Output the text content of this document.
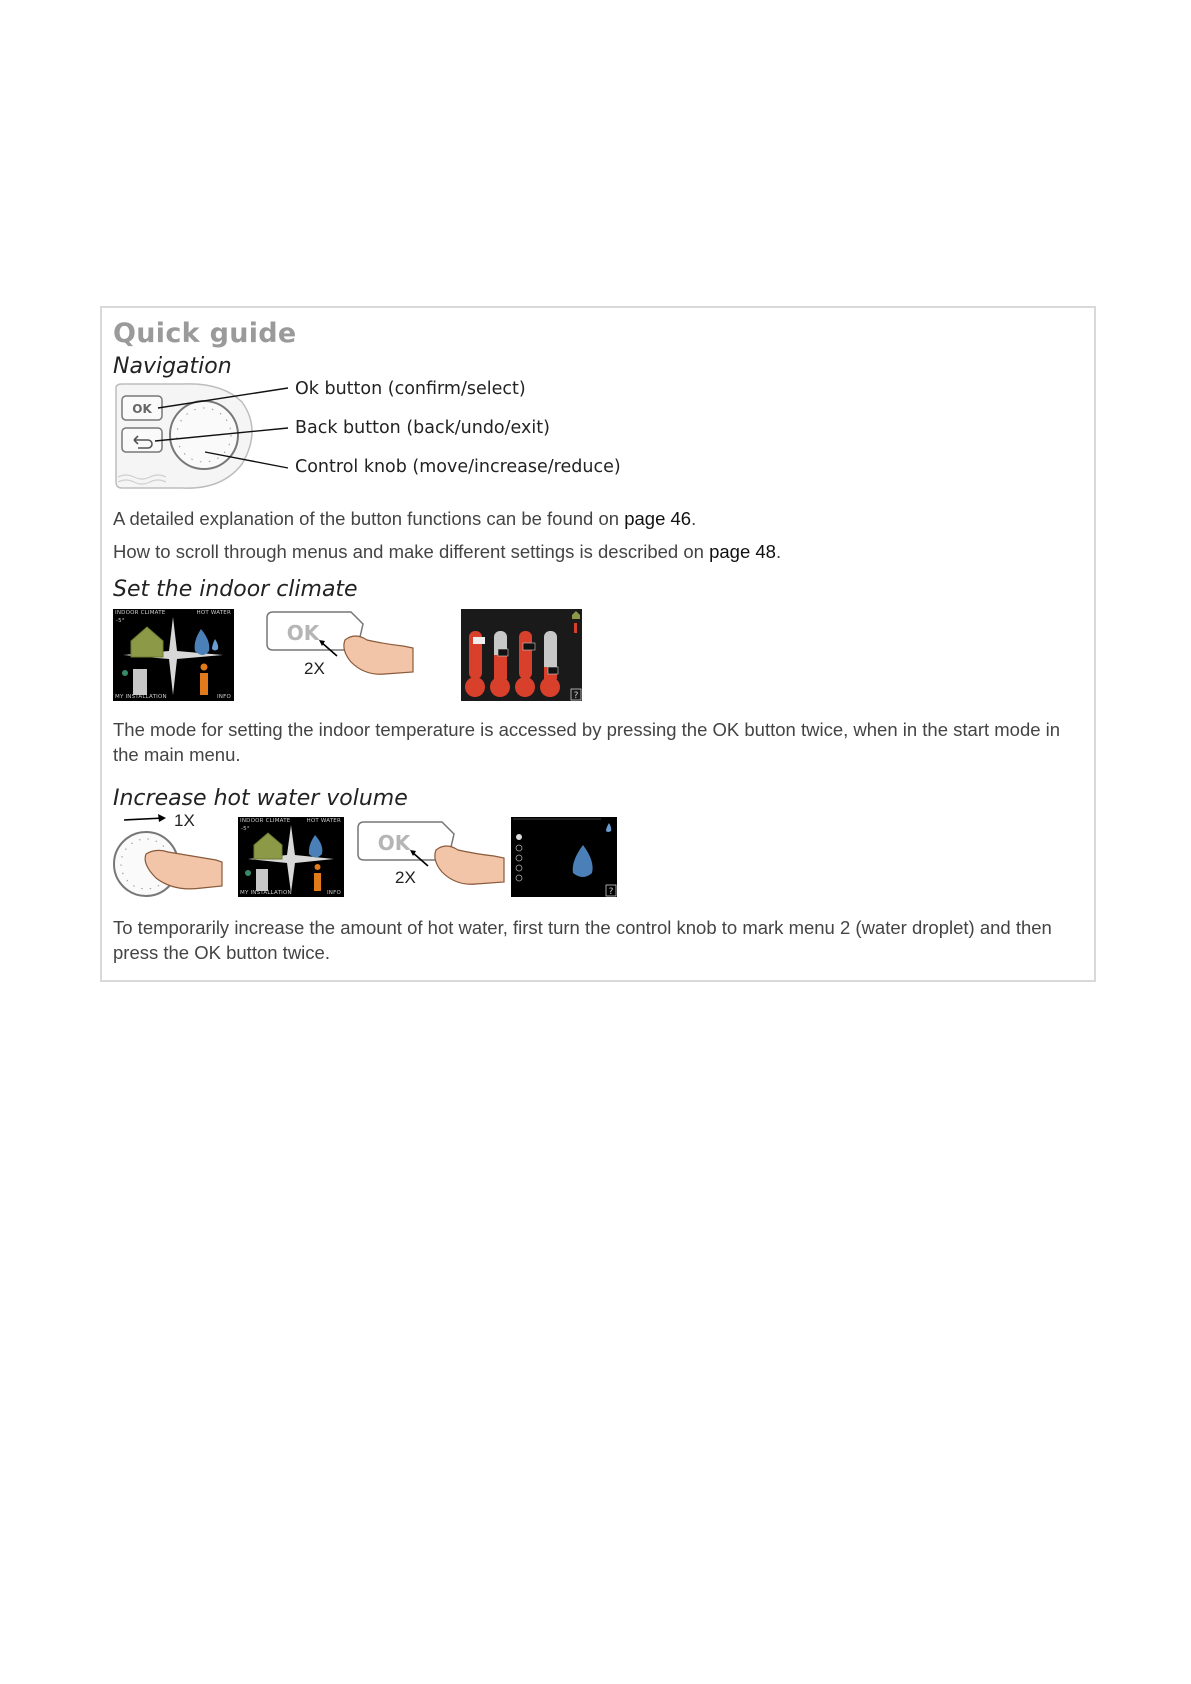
Quick guide
Navigation
OK
Ok button (confirm/select)
Back button (back/undo/exit)
Control knob (move/increase/reduce)
A detailed explanation of the button functions can be found on page 46.
How to scroll through menus and make different settings is described on page 48.
Set the indoor climate
INDOOR CLIMATE	HOT WATER
-5°
MY INSTALLATION	INFO
OK
2X
?
The mode for setting the indoor temperature is accessed by pressing the OK button twice, when in the start mode in the main menu.
Increase hot water volume
1X	INDOOR CLIMATE	HOT WATER
-5°
MY INSTALLATION	INFO
OK
2X
?
To temporarily increase the amount of hot water, first turn the control knob to mark menu 2 (water droplet) and then press the OK button twice.
